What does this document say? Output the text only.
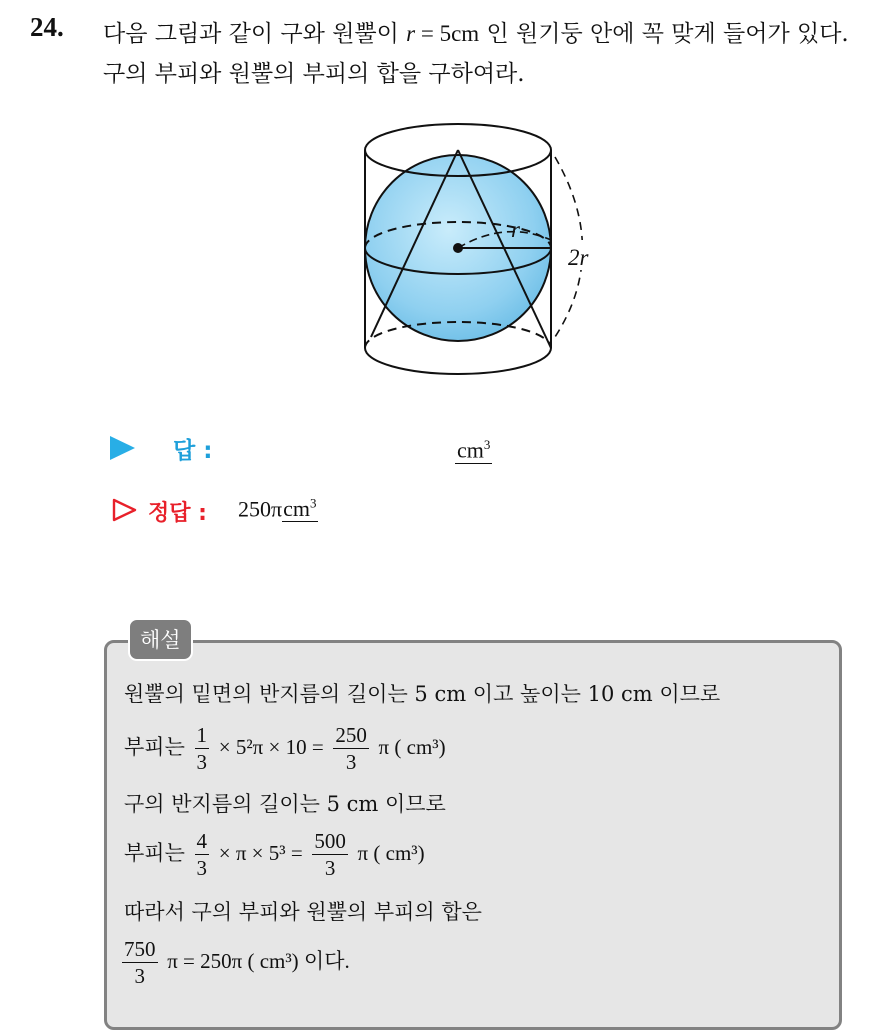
24. 다음 그림과 같이 구와 원뿔이 r = 5cm 인 원기둥 안에 꼭 맞게 들어가 있다. 구의 부피와 원뿔의 부피의 합을 구하여라.
r
2r
답 :	$cm^3$
정답 : 250πcm$^3$
해설
원뿔의 밑면의 반지름의 길이는 5 cm 이고 높이는 10 cm 이므로
부피는 $\frac{1}{3} \times 5^2\pi \times 10 = \frac{250}{3}$ π ( cm³)
구의 반지름의 길이는 5 cm 이므로
부피는 $\frac{4}{3} \times \pi \times 5^3 = \frac{500}{3}$ π ( cm³)
따라서 구의 부피와 원뿔의 부피의 합은
$\frac{750}{3}$ π = 250π ( cm³) 이다.
